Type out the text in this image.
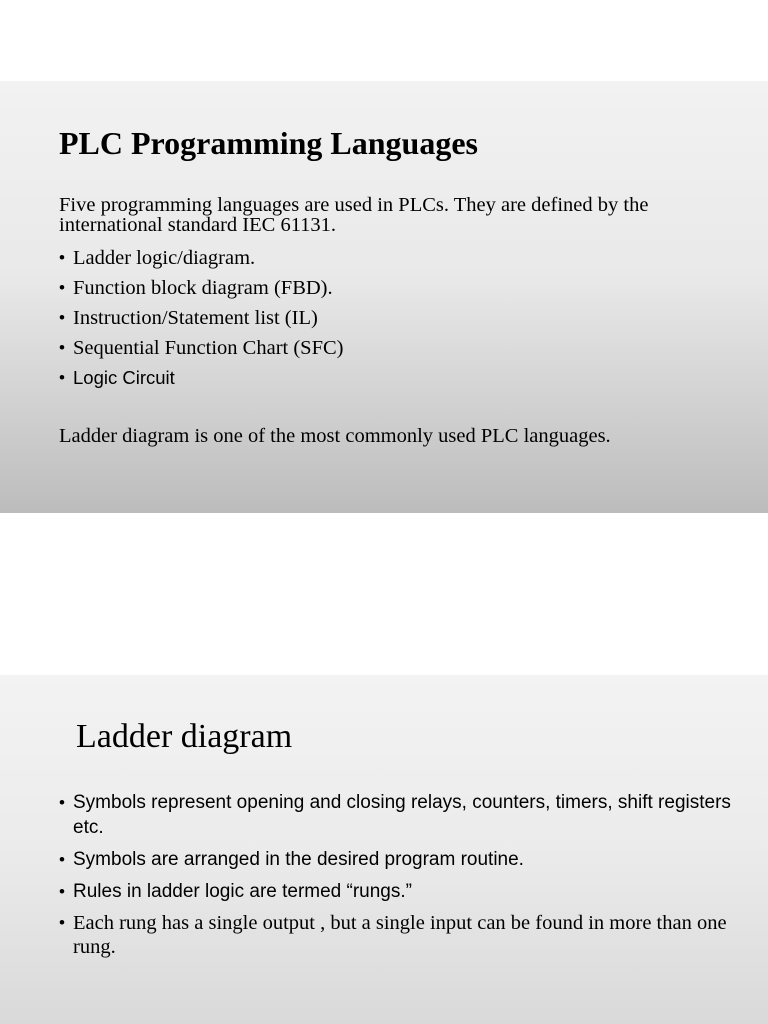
PLC Programming Languages

Five programming languages are used in PLCs. They are defined by the international standard IEC 61131.

• Ladder logic/diagram.
• Function block diagram (FBD).
• Instruction/Statement list (IL)
• Sequential Function Chart (SFC)
• Logic Circuit

Ladder diagram is one of the most commonly used PLC languages.

Ladder diagram
• Symbols represent opening and closing relays, counters, timers, shift registers etc.
• Symbols are arranged in the desired program routine.
• Rules in ladder logic are termed “rungs.”
• Each rung has a single output , but a single input can be found in more than one rung.
